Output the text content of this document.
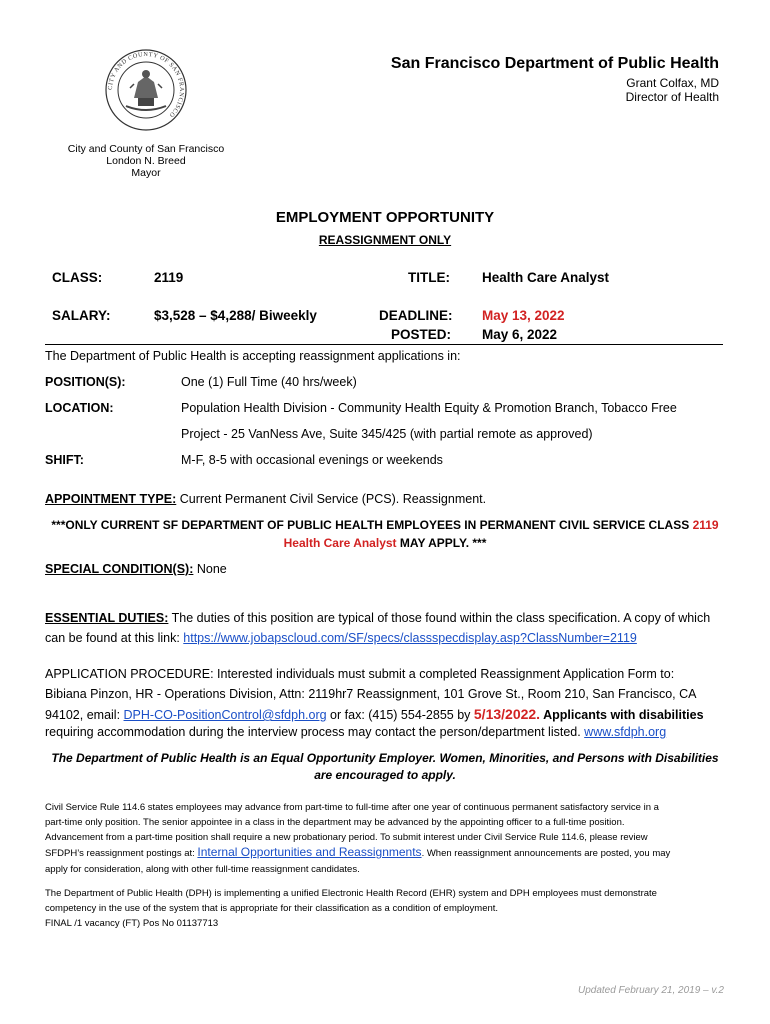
CITY AND COUNTY OF SAN FRANCISCO
San Francisco Department of Public Health
Grant Colfax, MD
Director of Health
City and County of San Francisco
London N. Breed
Mayor
EMPLOYMENT OPPORTUNITY
REASSIGNMENT ONLY
CLASS:	2119	TITLE: Health Care Analyst
SALARY:	$3,528 – $4,288/ Biweekly	DEADLINE: May 13, 2022
POSTED: May 6, 2022
The Department of Public Health is accepting reassignment applications in:
POSITION(S):	One (1) Full Time (40 hrs/week)
LOCATION:	Population Health Division - Community Health Equity & Promotion Branch, Tobacco Free
Project - 25 VanNess Ave, Suite 345/425 (with partial remote as approved)
SHIFT:	M-F, 8-5 with occasional evenings or weekends
APPOINTMENT TYPE: Current Permanent Civil Service (PCS). Reassignment.
***ONLY CURRENT SF DEPARTMENT OF PUBLIC HEALTH EMPLOYEES IN PERMANENT CIVIL SERVICE CLASS 2119
Health Care Analyst MAY APPLY. ***
SPECIAL CONDITION(S): None
ESSENTIAL DUTIES: The duties of this position are typical of those found within the class specification. A copy of which
can be found at this link: https://www.jobapscloud.com/SF/specs/classspecdisplay.asp?ClassNumber=2119
APPLICATION PROCEDURE: Interested individuals must submit a completed Reassignment Application Form to:
Bibiana Pinzon, HR - Operations Division, Attn: 2119hr7 Reassignment, 101 Grove St., Room 210, San Francisco, CA
94102, email: DPH-CO-PositionControl@sfdph.org or fax: (415) 554-2855 by 5/13/2022. Applicants with disabilities
requiring accommodation during the interview process may contact the person/department listed. www.sfdph.org
The Department of Public Health is an Equal Opportunity Employer. Women, Minorities, and Persons with Disabilities
are encouraged to apply.
Civil Service Rule 114.6 states employees may advance from part-time to full-time after one year of continuous permanent satisfactory service in a
part-time only position. The senior appointee in a class in the department may be advanced by the appointing officer to a full-time position.
Advancement from a part-time position shall require a new probationary period. To submit interest under Civil Service Rule 114.6, please review
SFDPH’s reassignment postings at: Internal Opportunities and Reassignments. When reassignment announcements are posted, you may
apply for consideration, along with other full-time reassignment candidates.
The Department of Public Health (DPH) is implementing a unified Electronic Health Record (EHR) system and DPH employees must demonstrate
competency in the use of the system that is appropriate for their classification as a condition of employment.
FINAL /1 vacancy (FT) Pos No 01137713
Updated February 21, 2019 – v.2
